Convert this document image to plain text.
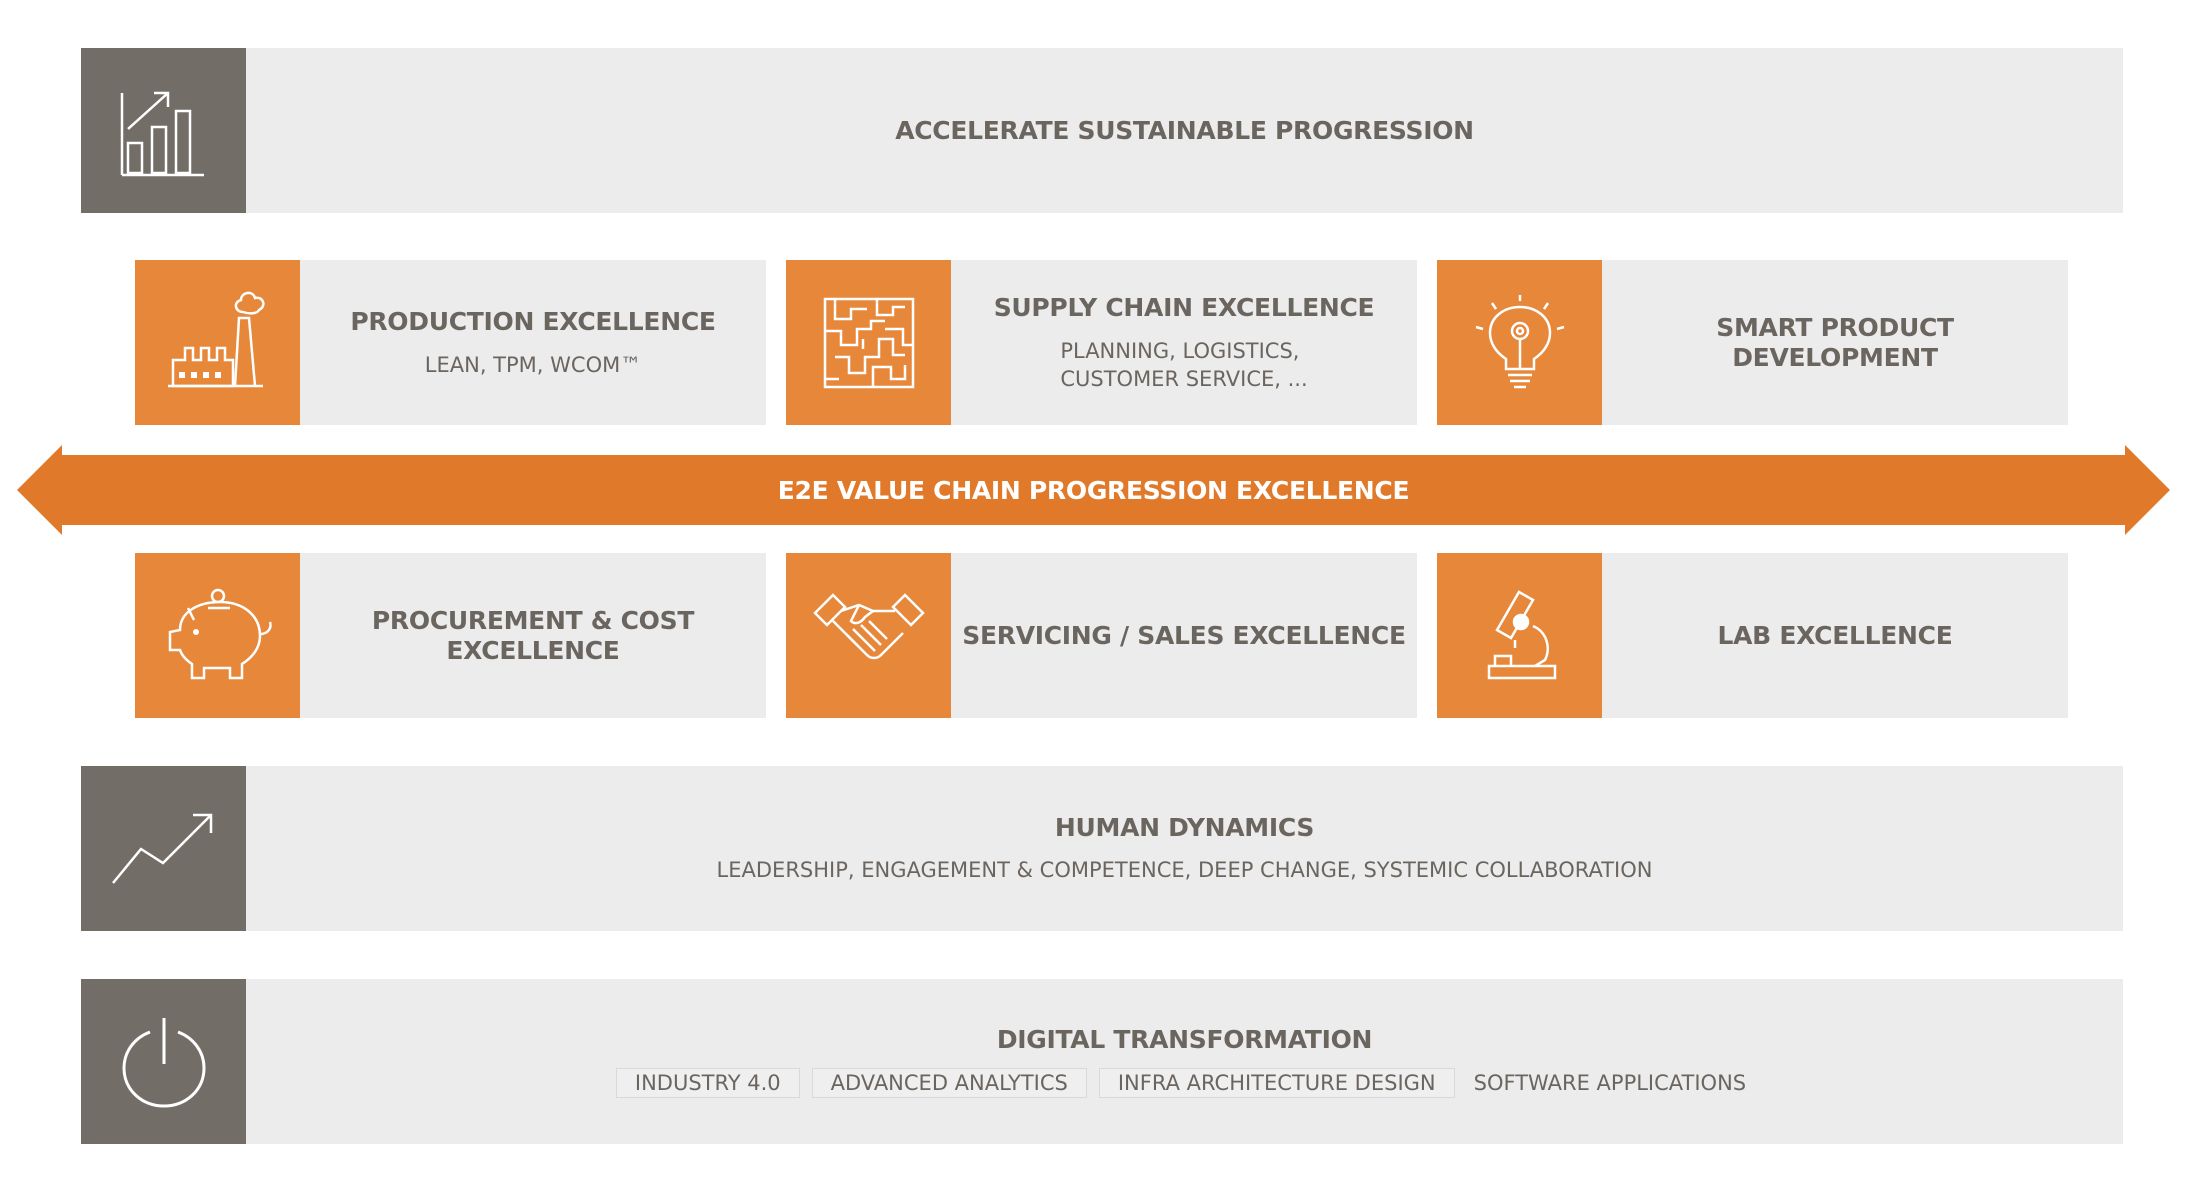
ACCELERATE SUSTAINABLE PROGRESSION
PRODUCTION EXCELLENCE
LEAN, TPM, WCOM™
SUPPLY CHAIN EXCELLENCE
PLANNING, LOGISTICS,
CUSTOMER SERVICE, ...
SMART PRODUCT DEVELOPMENT
E2E VALUE CHAIN PROGRESSION EXCELLENCE
PROCUREMENT & COST
EXCELLENCE
SERVICING / SALES EXCELLENCE	LAB EXCELLENCE
HUMAN DYNAMICS
LEADERSHIP, ENGAGEMENT & COMPETENCE, DEEP CHANGE, SYSTEMIC COLLABORATION
DIGITAL TRANSFORMATION
INDUSTRY 4.0	ADVANCED ANALYTICS	INFRA ARCHITECTURE DESIGN	SOFTWARE APPLICATIONS
